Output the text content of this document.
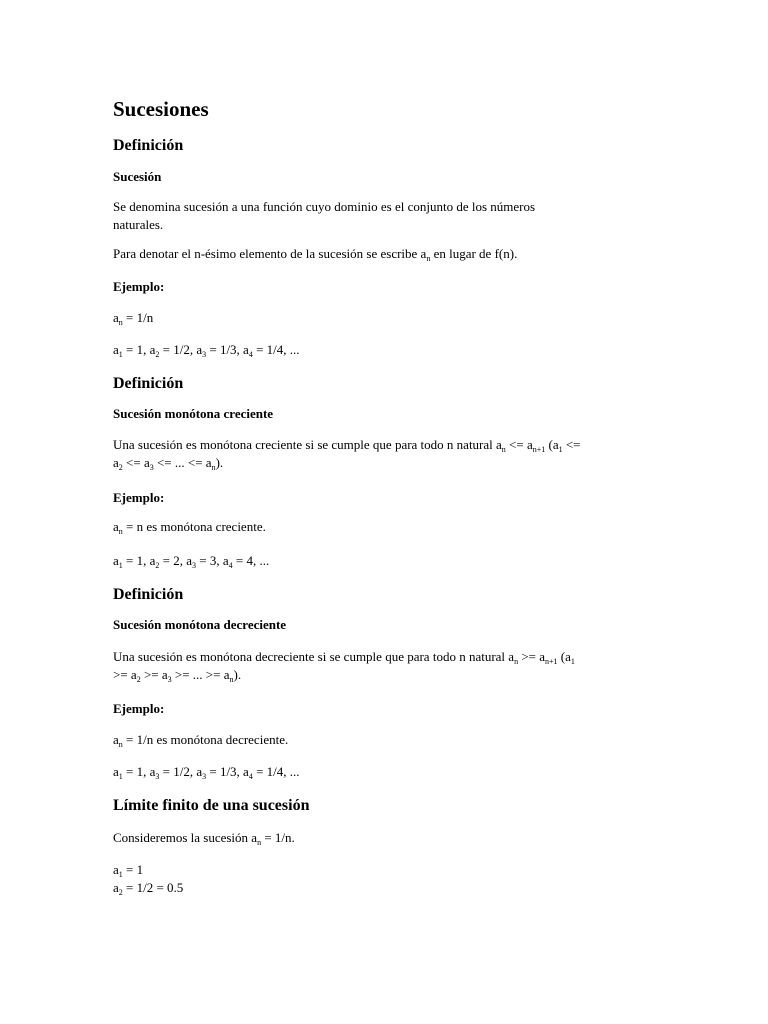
Sucesiones
Definición
Sucesión

Se denomina sucesión a una función cuyo dominio es el conjunto de los números
naturales.

Para denotar el n-ésimo elemento de la sucesión se escribe $a_n$ en lugar de f(n).

Ejemplo:

$a_n = 1/n$

$a_1 = 1$, $a_2 = 1/2$, $a_3 = 1/3$, $a_4 = 1/4$, ...

Definición
Sucesión monótona creciente

Una sucesión es monótona creciente si se cumple que para todo n natural $a_n <= a_{n+1}$ ($a_1$ <=
$a_2 <= a_3$ <= ... <= $a_n$).

Ejemplo:

$a_n = n$ es monótona creciente.

$a_1 = 1$, $a_2 = 2$, $a_3 = 3$, $a_4 = 4$, ...

Definición
Sucesión monótona decreciente

Una sucesión es monótona decreciente si se cumple que para todo n natural $a_n >= a_{n+1}$ ($a_1$
>= $a_2 >= a_3$ >= ... >= $a_n$).

Ejemplo:

$a_n = 1/n$ es monótona decreciente.

$a_1 = 1$, $a_3 = 1/2$, $a_3 = 1/3$, $a_4 = 1/4$, ...

Límite finito de una sucesión

Consideremos la sucesión $a_n = 1/n$.

$a_1 = 1$
$a_2 = 1/2 = 0.5$
